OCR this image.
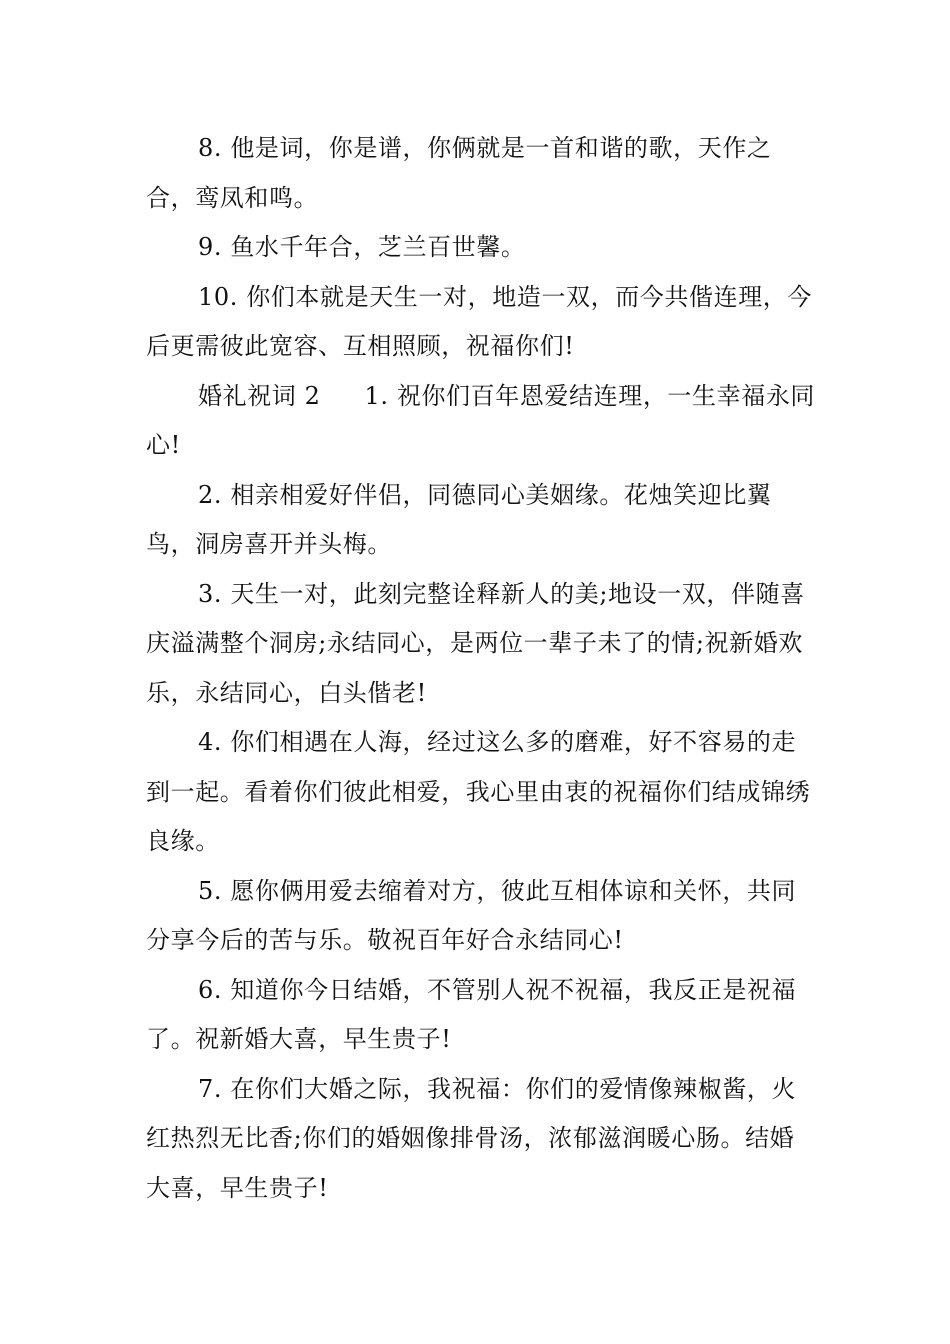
8. 他是词，你是谱，你俩就是一首和谐的歌，天作之合，鸾凤和鸣。

9. 鱼水千年合，芝兰百世馨。

10. 你们本就是天生一对，地造一双，而今共偕连理，今后更需彼此宽容、互相照顾，祝福你们!

婚礼祝词 2 1. 祝你们百年恩爱结连理，一生幸福永同心!

2. 相亲相爱好伴侣，同德同心美姻缘。花烛笑迎比翼鸟，洞房喜开并头梅。

3. 天生一对，此刻完整诠释新人的美;地设一双，伴随喜庆溢满整个洞房;永结同心，是两位一辈子未了的情;祝新婚欢乐，永结同心，白头偕老!

4. 你们相遇在人海，经过这么多的磨难，好不容易的走到一起。看着你们彼此相爱，我心里由衷的祝福你们结成锦绣良缘。

5. 愿你俩用爱去缩着对方，彼此互相体谅和关怀，共同分享今后的苦与乐。敬祝百年好合永结同心!

6. 知道你今日结婚，不管别人祝不祝福，我反正是祝福了。祝新婚大喜，早生贵子!

7. 在你们大婚之际，我祝福：你们的爱情像辣椒酱，火红热烈无比香;你们的婚姻像排骨汤，浓郁滋润暖心肠。结婚大喜，早生贵子!
